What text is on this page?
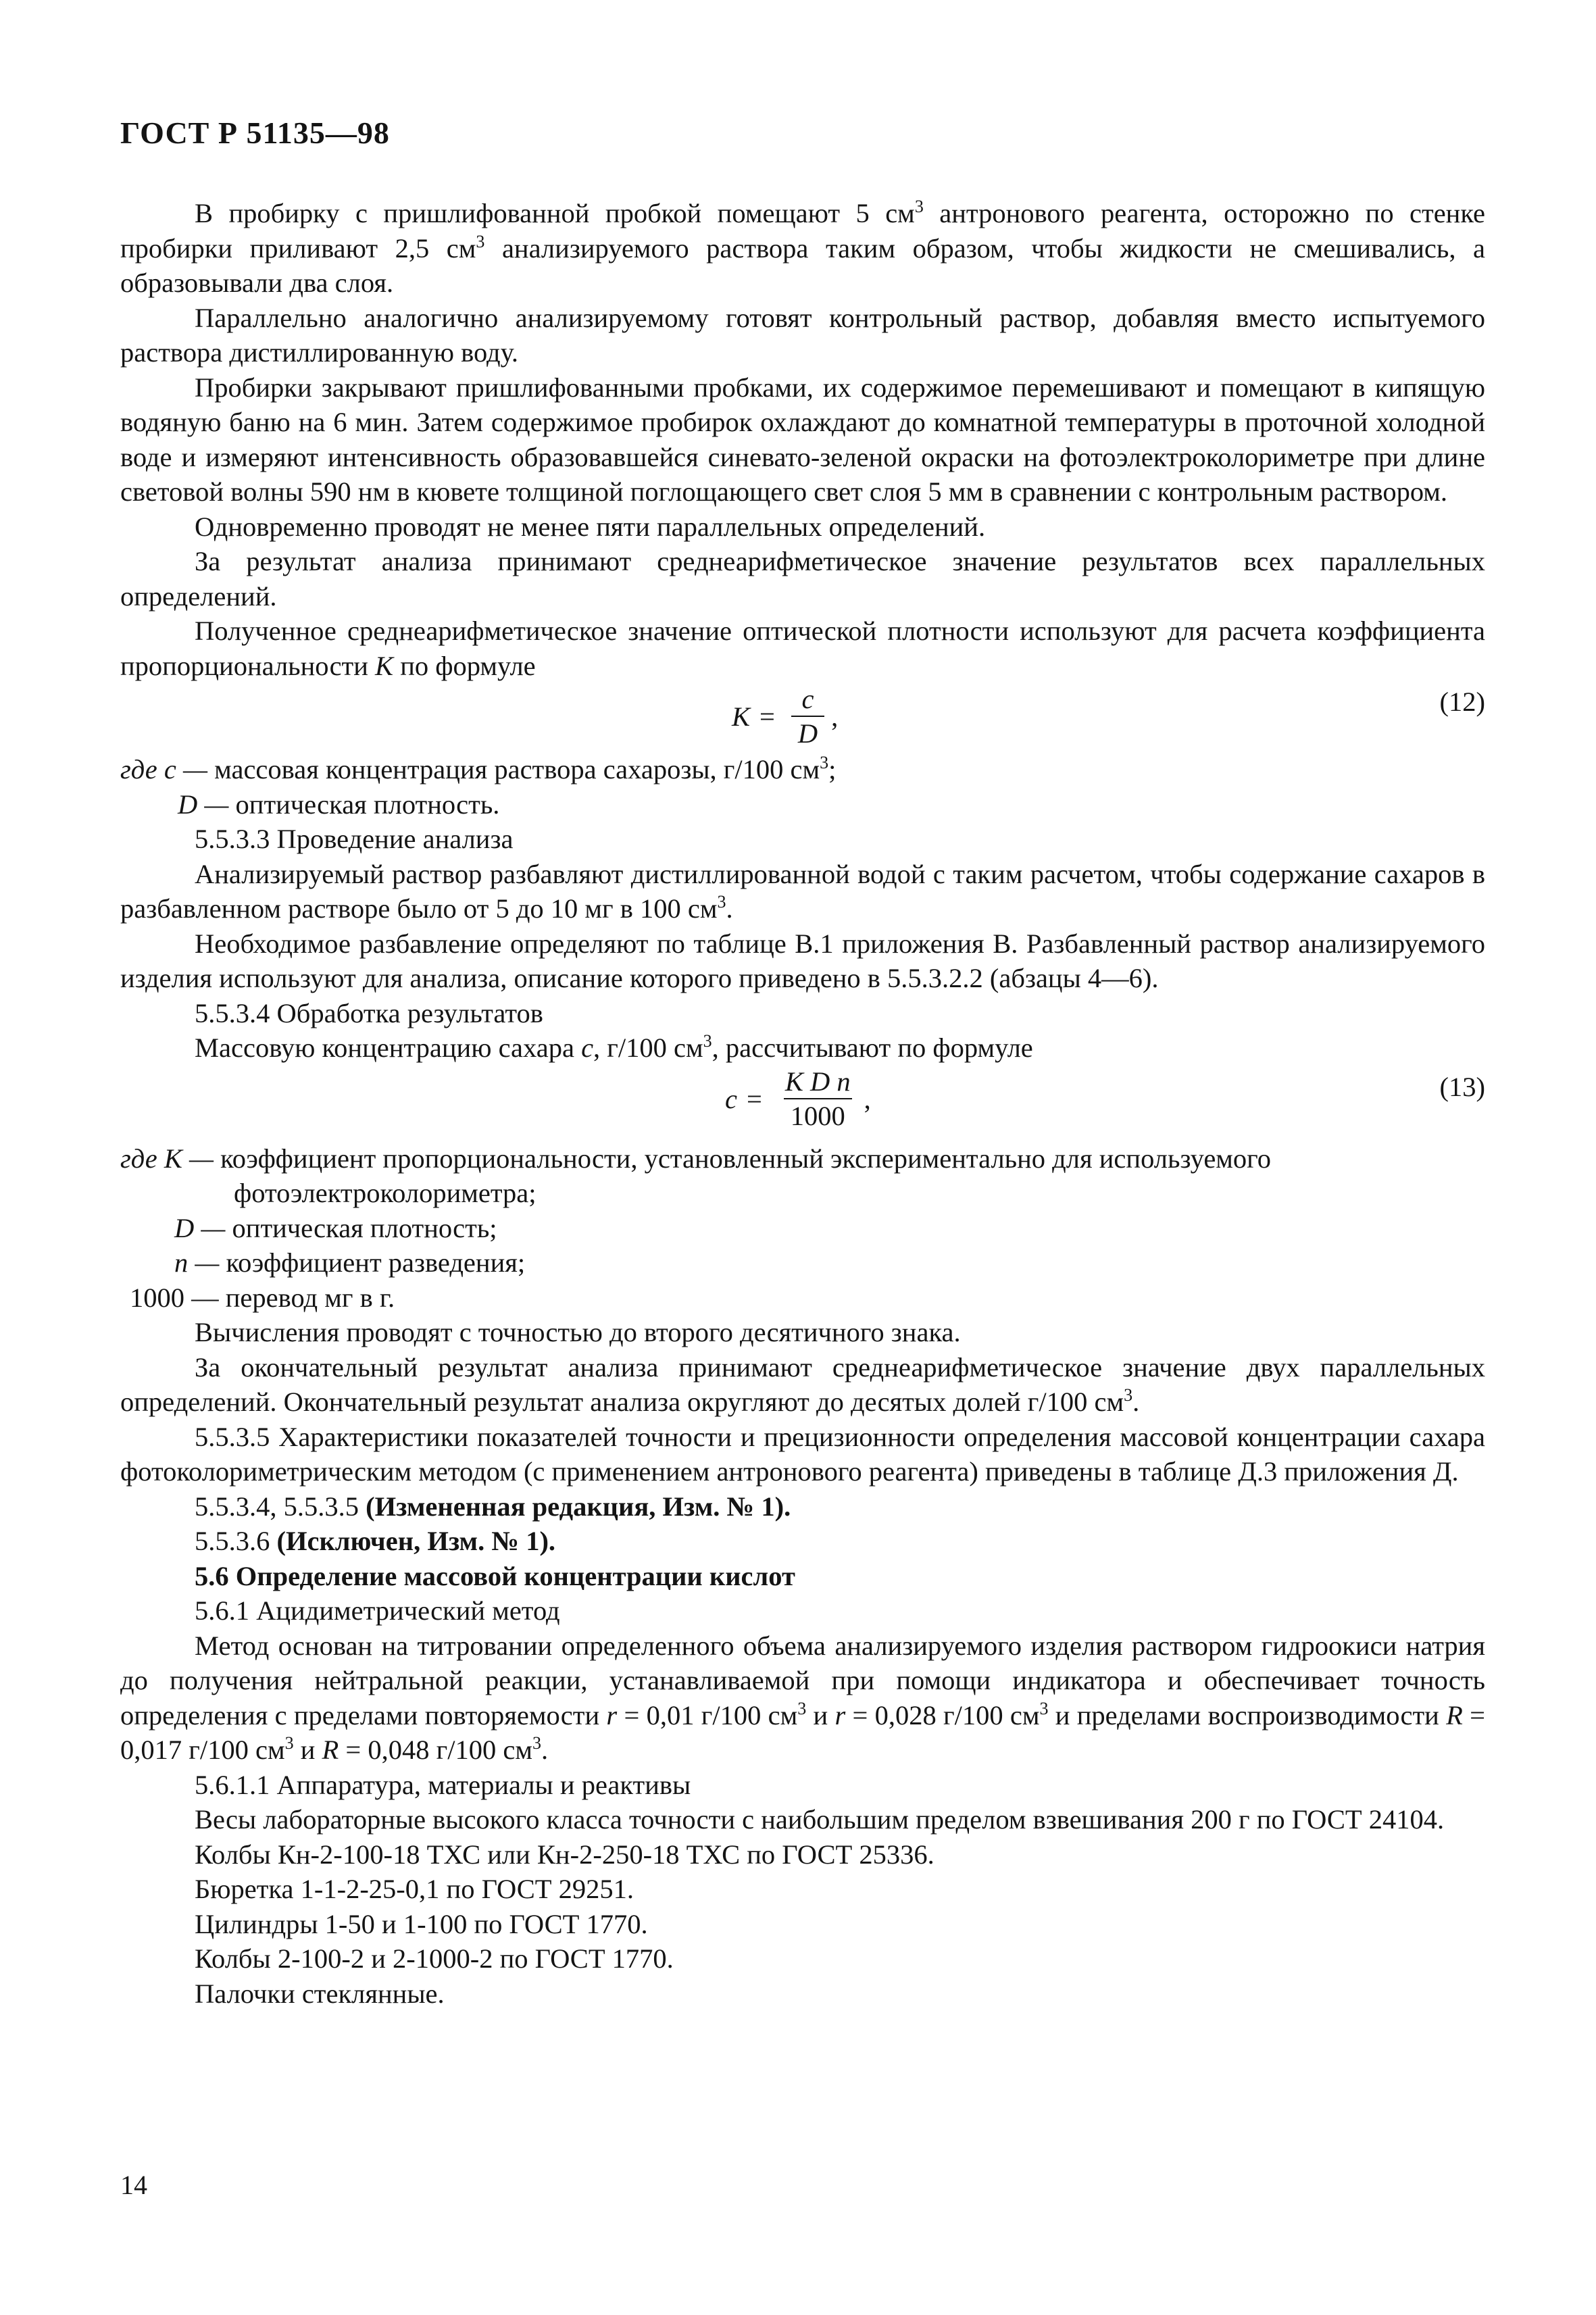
ГОСТ Р 51135—98
В пробирку с пришлифованной пробкой помещают 5 $см^3$ антронового реагента, осторожно по стенке пробирки приливают 2,5 $см^3$ анализируемого раствора таким образом, чтобы жидкости не смешивались, а образовывали два слоя.
Параллельно аналогично анализируемому готовят контрольный раствор, добавляя вместо испытуемого раствора дистиллированную воду.
Пробирки закрывают пришлифованными пробками, их содержимое перемешивают и помещают в кипящую водяную баню на 6 мин. Затем содержимое пробирок охлаждают до комнатной температуры в проточной холодной воде и измеряют интенсивность образовавшейся синевато-зеленой окраски на фотоэлектроколориметре при длине световой волны 590 нм в кювете толщиной поглощающего свет слоя 5 мм в сравнении с контрольным раствором.
Одновременно проводят не менее пяти параллельных определений.
За результат анализа принимают среднеарифметическое значение результатов всех параллельных определений.
Полученное среднеарифметическое значение оптической плотности используют для расчета коэффициента пропорциональности K по формуле
$K = \frac{c}{D}$ ,	(12)
где c — массовая концентрация раствора сахарозы, г/100 $см^3$;
D — оптическая плотность.
5.5.3.3 Проведение анализа
Анализируемый раствор разбавляют дистиллированной водой с таким расчетом, чтобы содержание сахаров в разбавленном растворе было от 5 до 10 мг в 100 $см^3$.
Необходимое разбавление определяют по таблице В.1 приложения В. Разбавленный раствор анализируемого изделия используют для анализа, описание которого приведено в 5.5.3.2.2 (абзацы 4—6).
5.5.3.4 Обработка результатов
Массовую концентрацию сахара c, г/100 $см^3$, рассчитывают по формуле
$c = \frac{\text{K D n}}{1000}$ ,	(13)
где K — коэффициент пропорциональности, установленный экспериментально для используемого
фотоэлектроколориметра;
D — оптическая плотность;
n — коэффициент разведения;
1000 — перевод мг в г.
Вычисления проводят с точностью до второго десятичного знака.
За окончательный результат анализа принимают среднеарифметическое значение двух параллельных определений. Окончательный результат анализа округляют до десятых долей г/100 $см^3$.
5.5.3.5 Характеристики показателей точности и прецизионности определения массовой концентрации сахара фотоколориметрическим методом (с применением антронового реагента) приведены в таблице Д.3 приложения Д.
5.5.3.4, 5.5.3.5 (Измененная редакция, Изм. № 1).
5.5.3.6 (Исключен, Изм. № 1).
5.6 Определение массовой концентрации кислот
5.6.1 Ацидиметрический метод
Метод основан на титровании определенного объема анализируемого изделия раствором гидроокиси натрия до получения нейтральной реакции, устанавливаемой при помощи индикатора и обеспечивает точность определения с пределами повторяемости r = 0,01 г/100 $см^3$ и r = 0,028 г/100 $см^3$ и пределами воспроизводимости R = 0,017 г/100 $см^3$ и R = 0,048 г/100 $см^3$.
5.6.1.1 Аппаратура, материалы и реактивы
Весы лабораторные высокого класса точности с наибольшим пределом взвешивания 200 г по ГОСТ 24104.
Колбы Кн-2-100-18 ТХС или Кн-2-250-18 ТХС по ГОСТ 25336.
Бюретка 1-1-2-25-0,1 по ГОСТ 29251.
Цилиндры 1-50 и 1-100 по ГОСТ 1770.
Колбы 2-100-2 и 2-1000-2 по ГОСТ 1770.
Палочки стеклянные.
14
